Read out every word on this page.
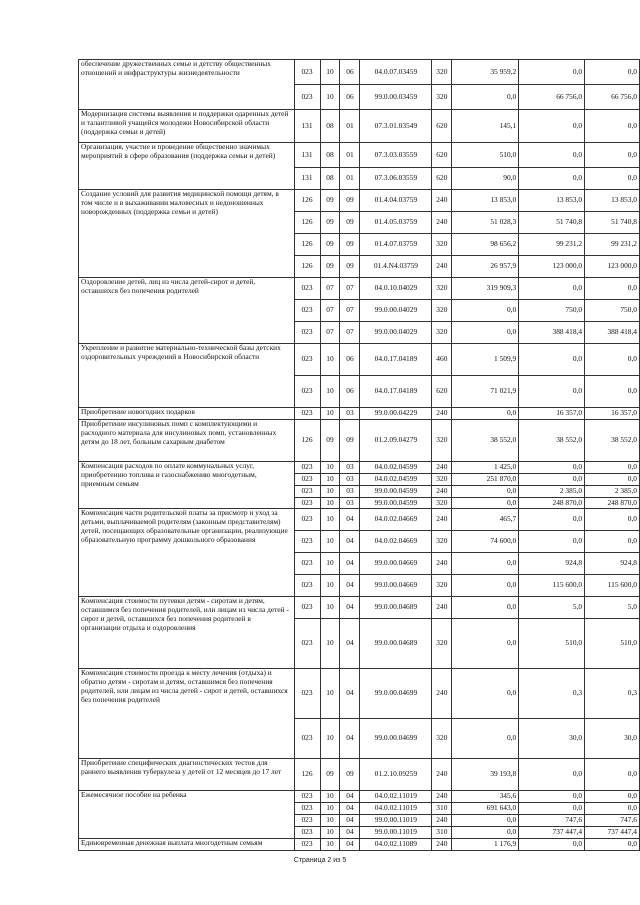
обеспечение дружественных семье и детству общественных отношений и инфраструктуры жизнедеятельности	023	10	06	04.0.07.03459	320	35 959,2	0,0	0,0
	023	10	06	99.0.00.03459	320	0,0	66 756,0	66 756,0
Модернизация системы выявления и поддержки одаренных детей и талантливой учащейся молодежи Новосибирской области (поддержка семьи и детей)	131	08	01	07.3.01.03549	620	145,1	0,0	0,0
Организация, участие и проведение общественно значимых мероприятий в сфере образования (поддержка семьи и детей)	131	08	01	07.3.03.03559	620	510,0	0,0	0,0
	131	08	01	07.3.06.03559	620	90,0	0,0	0,0
Создание условий для развития медицинской помощи детям, в том числе и в выхаживании маловесных и недоношенных новорожденных (поддержка семьи и детей)	126	09	09	01.4.04.03759	240	13 853,0	13 853,0	13 853,0
	126	09	09	01.4.05.03759	240	51 028,3	51 740,8	51 740,8
	126	09	09	01.4.07.03759	320	98 656,2	99 231,2	99 231,2
	126	09	09	01.4.N4.03759	240	26 957,9	123 000,0	123 000,0
Оздоровление детей, лиц из числа детей-сирот и детей, оставшихся без попечения родителей	023	07	07	04.0.10.04029	320	319 909,3	0,0	0,0
	023	07	07	99.0.00.04029	320	0,0	750,0	750,0
	023	07	07	99.0.00.04029	320	0,0	388 418,4	388 418,4
Укрепление и развитие материально-технической базы детских оздоровительных учреждений в Новосибирской области	023	10	06	04.0.17.04189	460	1 509,9	0,0	0,0
	023	10	06	04.0.17.04189	620	71 021,9	0,0	0,0
Приобретение новогодних подарков	023	10	03	99.0.00.04229	240	0,0	16 357,0	16 357,0
Приобретение инсулиновых помп с комплектующими и расходного материала для инсулиновых помп, установленных детям до 18 лет, больным сахарным диабетом	126	09	09	01.2.09.04279	320	38 552,0	38 552,0	38 552,0
Компенсация расходов по оплате коммунальных услуг, приобретению топлива и газоснабжению многодетным, приемным семьям	023	10	03	04.0.02.04599	240	1 425,0	0,0	0,0
	023	10	03	04.0.02.04599	320	251 870,0	0,0	0,0
	023	10	03	99.0.00.04599	240	0,0	2 385,0	2 385,0
	023	10	03	99.0.00.04599	320	0,0	248 870,0	248 870,0
Компенсация части родительской платы за присмотр и уход за детьми, выплачиваемой родителям (законным представителям) детей, посещающих образовательные организации, реализующие образовательную программу дошкольного образования	023	10	04	04.0.02.04669	240	465,7	0,0	0,0
	023	10	04	04.0.02.04669	320	74 600,0	0,0	0,0
	023	10	04	99.0.00.04669	240	0,0	924,8	924,8
	023	10	04	99.0.00.04669	320	0,0	115 600,0	115 600,0
Компенсация стоимости путевки детям - сиротам и детям, оставшимся без попечения родителей, или лицам из числа детей - сирот и детей, оставшихся без попечения родителей в организации отдыха и оздоровления	023	10	04	99.0.00.04689	240	0,0	5,0	5,0
	023	10	04	99.0.00.04689	320	0,0	510,0	510,0
Компенсация стоимости проезда к месту лечения (отдыха) и обратно детям - сиротам и детям, оставшимся без попечения родителей, или лицам из числа детей - сирот и детей, оставшихся без попечения родителей	023	10	04	99.0.00.04699	240	0,0	0,3	0,3
	023	10	04	99.0.00.04699	320	0,0	30,0	30,0
Приобретение специфических диагностических тестов для раннего выявления туберкулеза у детей от 12 месяцев до 17 лет	126	09	09	01.2.10.09259	240	39 193,8	0,0	0,0
Ежемесячное пособие на ребенка	023	10	04	04.0.02.11019	240	345,6	0,0	0,0
	023	10	04	04.0.02.11019	310	691 643,0	0,0	0,0
	023	10	04	99.0.00.11019	240	0,0	747,6	747,6
	023	10	04	99.0.00.11019	310	0,0	737 447,4	737 447,4
Единовременная денежная выплата многодетным семьям	023	10	04	04.0.02.11089	240	1 176,9	0,0	0,0
Страница 2 из 5
